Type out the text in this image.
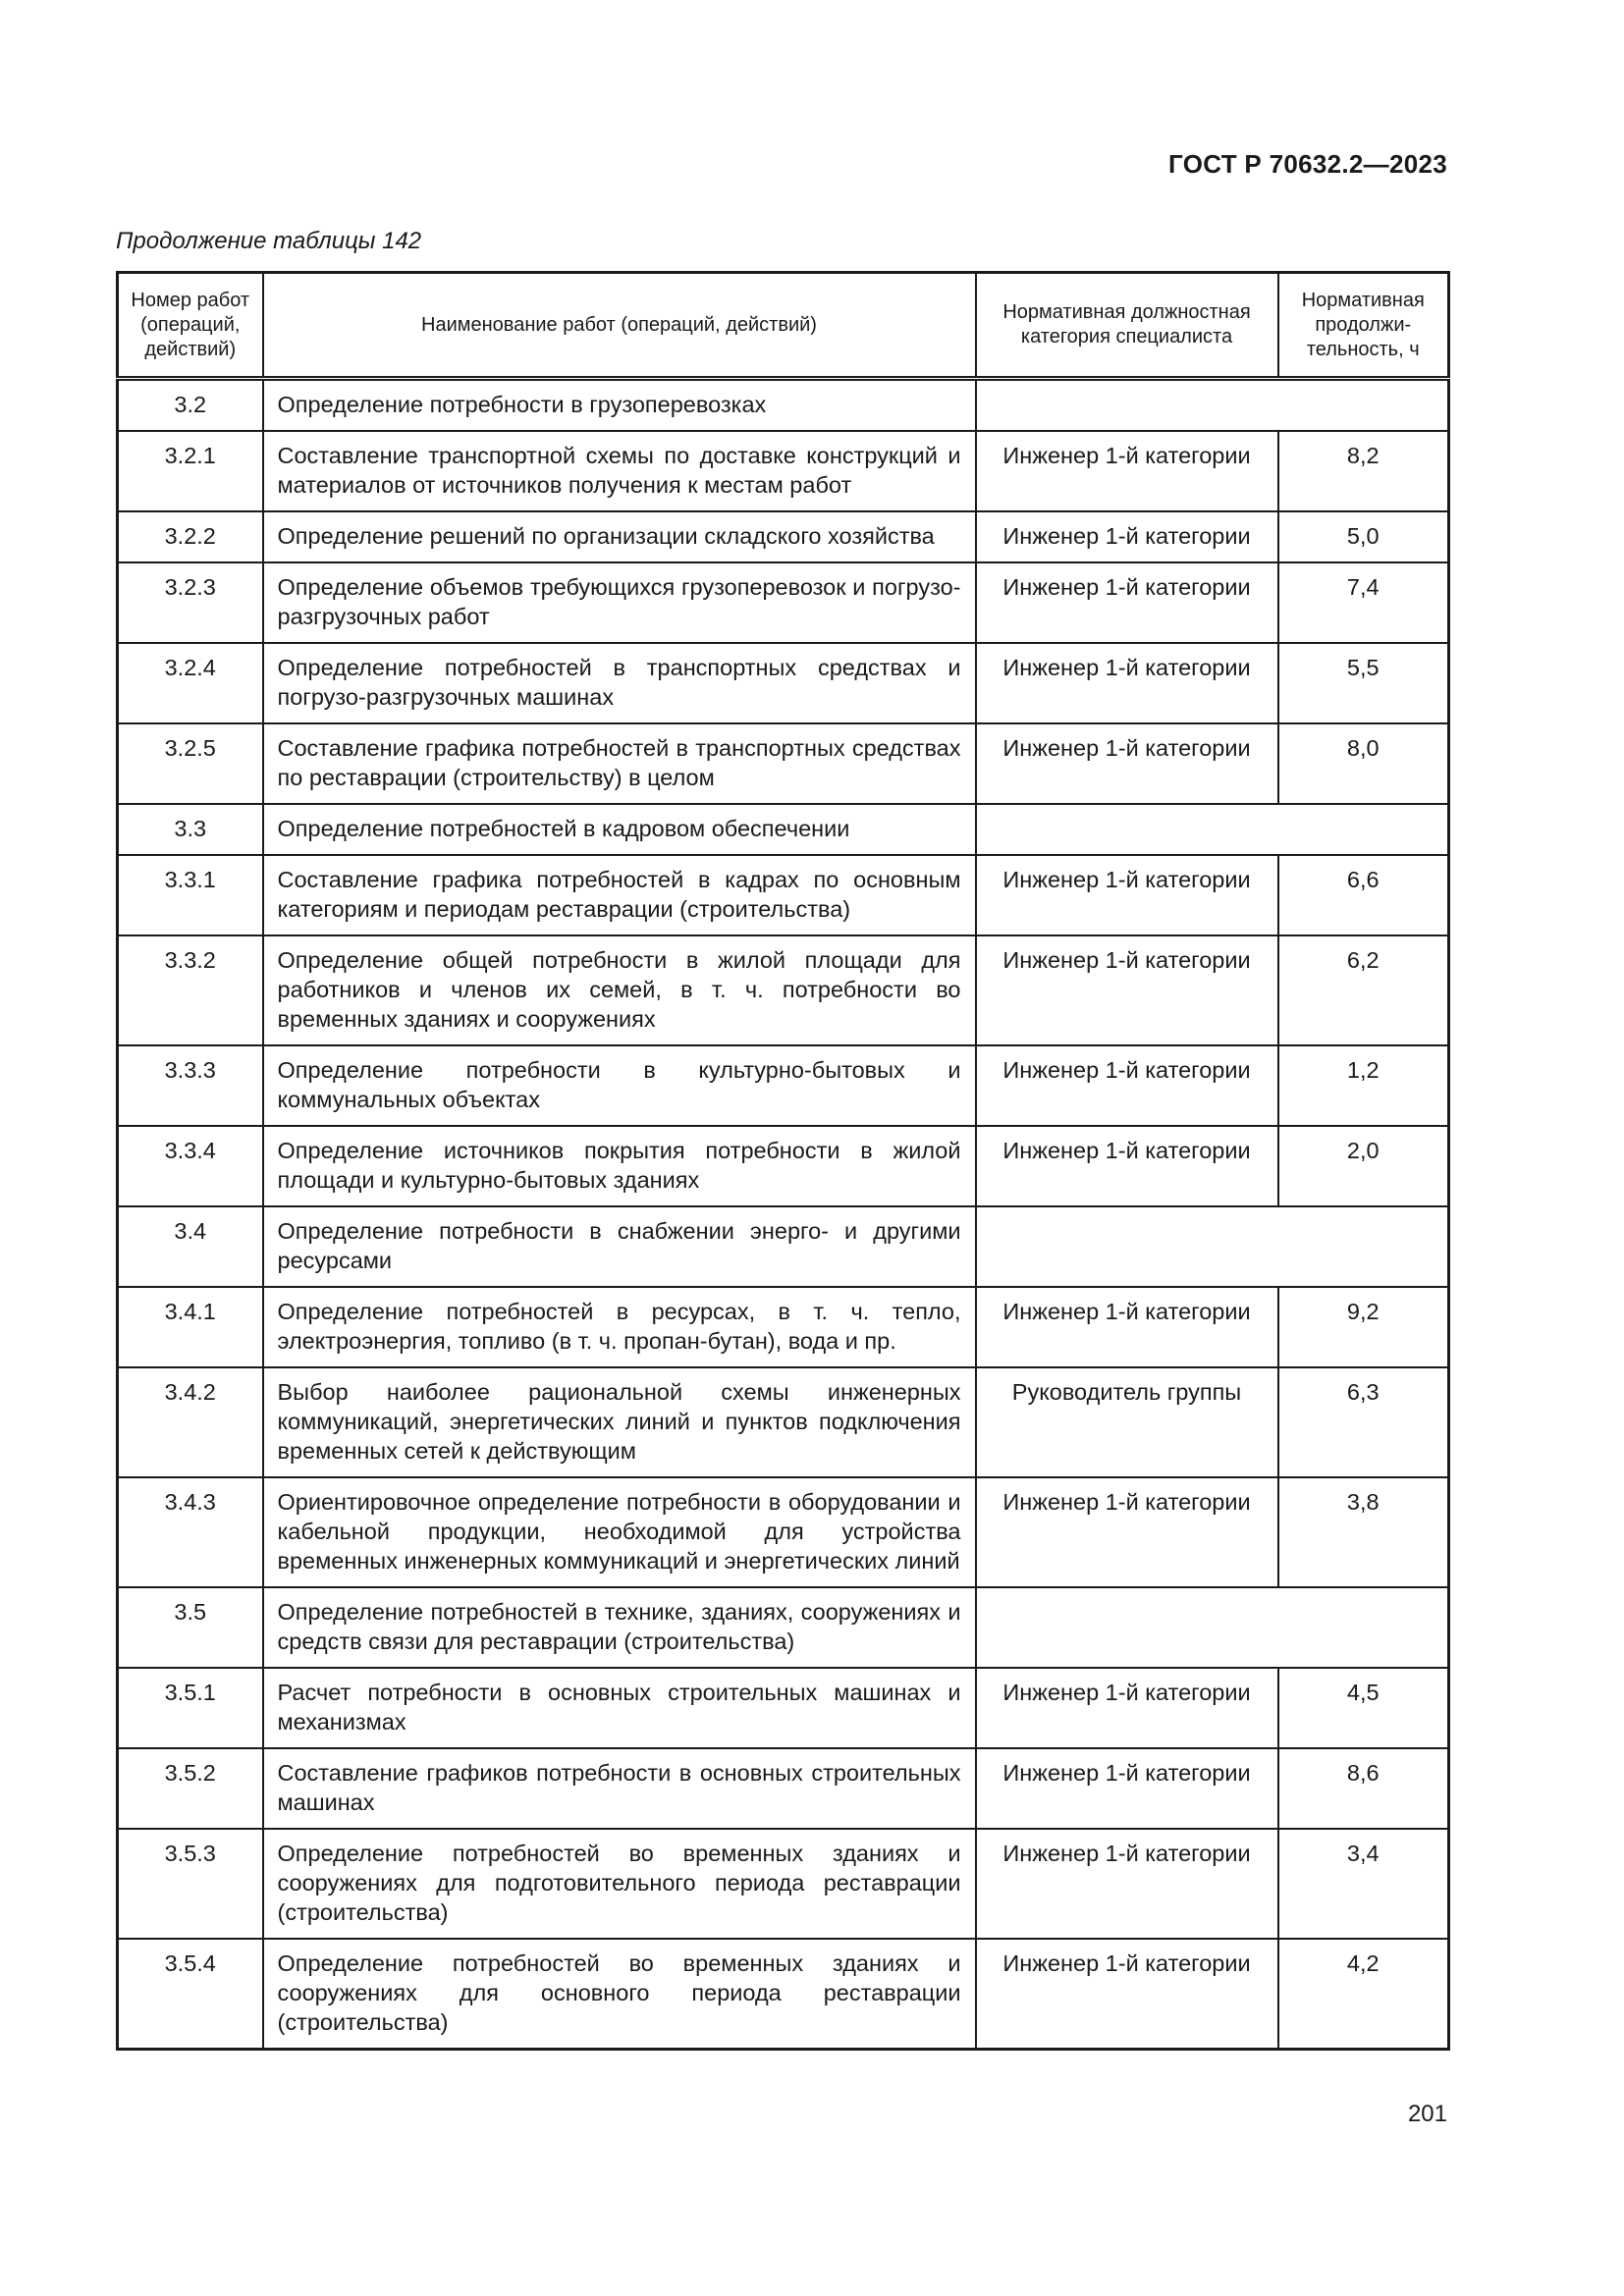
ГОСТ Р 70632.2—2023
Продолжение таблицы 142
Номер работ (операций, действий)	Наименование работ (операций, действий)	Нормативная должностная категория специалиста	Нормативная продолжи- тельность, ч
3.2	Определение потребности в грузоперевозках		
3.2.1	Составление транспортной схемы по доставке конструкций и материалов от источников получения к местам работ	Инженер 1-й категории	8,2
3.2.2	Определение решений по организации складского хозяйства	Инженер 1-й категории	5,0
3.2.3	Определение объемов требующихся грузоперевозок и погрузо-разгрузочных работ	Инженер 1-й категории	7,4
3.2.4	Определение потребностей в транспортных средствах и погрузо-разгрузочных машинах	Инженер 1-й категории	5,5
3.2.5	Составление графика потребностей в транспортных средствах по реставрации (строительству) в целом	Инженер 1-й категории	8,0
3.3	Определение потребностей в кадровом обеспечении		
3.3.1	Составление графика потребностей в кадрах по основным категориям и периодам реставрации (строительства)	Инженер 1-й категории	6,6
3.3.2	Определение общей потребности в жилой площади для работников и членов их семей, в т. ч. потребности во временных зданиях и сооружениях	Инженер 1-й категории	6,2
3.3.3	Определение потребности в культурно-бытовых и коммунальных объектах	Инженер 1-й категории	1,2
3.3.4	Определение источников покрытия потребности в жилой площади и культурно-бытовых зданиях	Инженер 1-й категории	2,0
3.4	Определение потребности в снабжении энерго- и другими ресурсами		
3.4.1	Определение потребностей в ресурсах, в т. ч. тепло, электроэнергия, топливо (в т. ч. пропан-бутан), вода и пр.	Инженер 1-й категории	9,2
3.4.2	Выбор наиболее рациональной схемы инженерных коммуникаций, энергетических линий и пунктов подключения временных сетей к действующим	Руководитель группы	6,3
3.4.3	Ориентировочное определение потребности в оборудовании и кабельной продукции, необходимой для устройства временных инженерных коммуникаций и энергетических линий	Инженер 1-й категории	3,8
3.5	Определение потребностей в технике, зданиях, сооружениях и средств связи для реставрации (строительства)		
3.5.1	Расчет потребности в основных строительных машинах и механизмах	Инженер 1-й категории	4,5
3.5.2	Составление графиков потребности в основных строительных машинах	Инженер 1-й категории	8,6
3.5.3	Определение потребностей во временных зданиях и сооружениях для подготовительного периода реставрации (строительства)	Инженер 1-й категории	3,4
3.5.4	Определение потребностей во временных зданиях и сооружениях для основного периода реставрации (строительства)	Инженер 1-й категории	4,2
201
